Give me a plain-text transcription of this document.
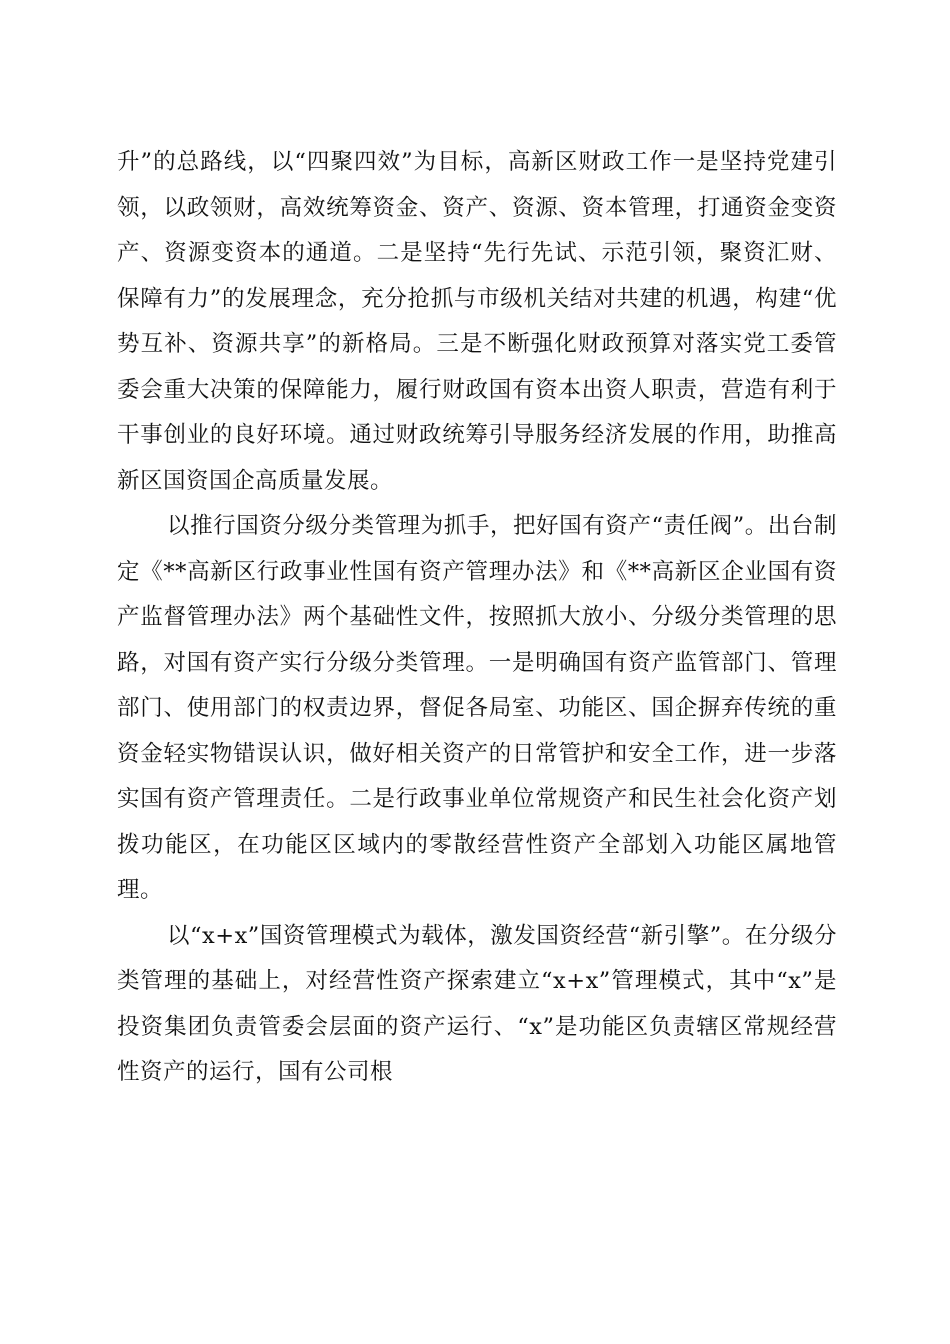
升”的总路线，以“四聚四效”为目标，高新区财政工作一是坚持党建引领，以政领财，高效统筹资金、资产、资源、资本管理，打通资金变资产、资源变资本的通道。二是坚持“先行先试、示范引领，聚资汇财、保障有力”的发展理念，充分抢抓与市级机关结对共建的机遇，构建“优势互补、资源共享”的新格局。三是不断强化财政预算对落实党工委管委会重大决策的保障能力，履行财政国有资本出资人职责，营造有利于干事创业的良好环境。通过财政统筹引导服务经济发展的作用，助推高新区国资国企高质量发展。

以推行国资分级分类管理为抓手，把好国有资产“责任阀”。出台制定《**高新区行政事业性国有资产管理办法》和《**高新区企业国有资产监督管理办法》两个基础性文件，按照抓大放小、分级分类管理的思路，对国有资产实行分级分类管理。一是明确国有资产监管部门、管理部门、使用部门的权责边界，督促各局室、功能区、国企摒弃传统的重资金轻实物错误认识，做好相关资产的日常管护和安全工作，进一步落实国有资产管理责任。二是行政事业单位常规资产和民生社会化资产划拨功能区，在功能区区域内的零散经营性资产全部划入功能区属地管理。

以“x+x”国资管理模式为载体，激发国资经营“新引擎”。在分级分类管理的基础上，对经营性资产探索建立“x+x”管理模式，其中“x”是投资集团负责管委会层面的资产运行、“x”是功能区负责辖区常规经营性资产的运行，国有公司根
